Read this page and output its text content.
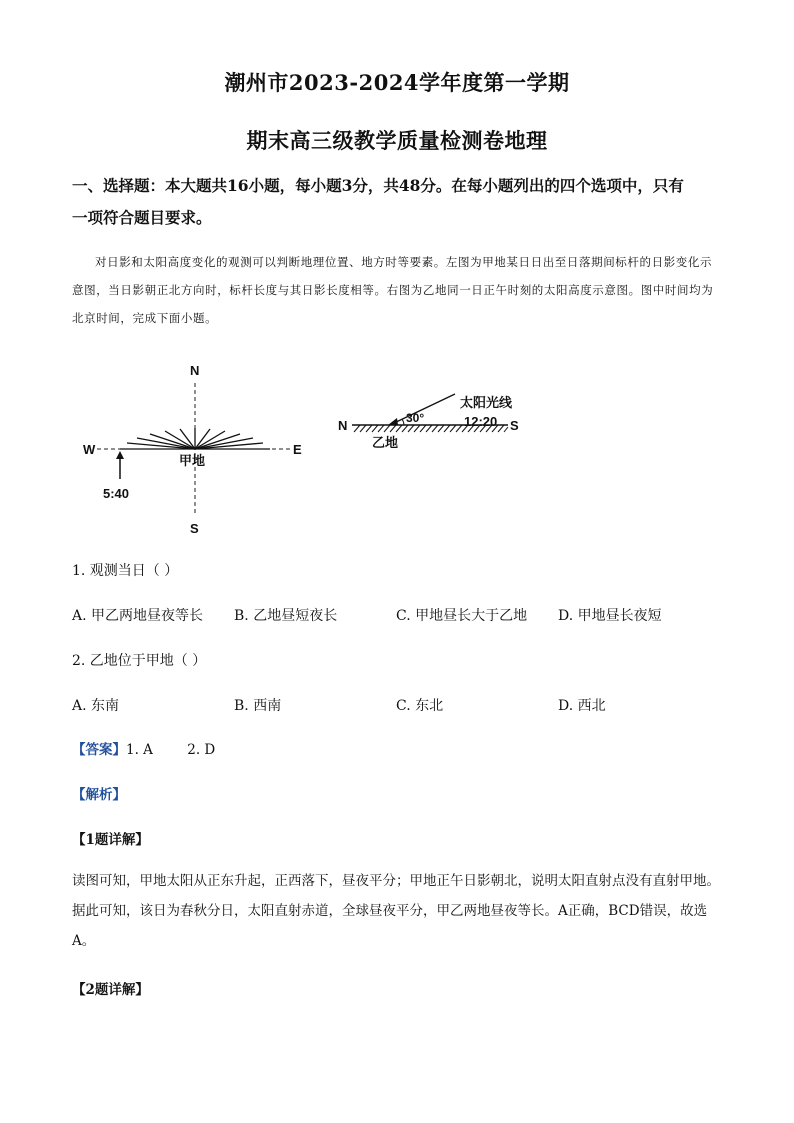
潮州市2023-2024学年度第一学期
期末高三级教学质量检测卷地理
一、选择题：本大题共16小题，每小题3分，共48分。在每小题列出的四个选项中，只有
一项符合题目要求。
对日影和太阳高度变化的观测可以判断地理位置、地方时等要素。左图为甲地某日日出至日落期间标杆的日影变化示意图，当日影朝正北方向时，标杆长度与其日影长度相等。右图为乙地同一日正午时刻的太阳高度示意图。图中时间均为北京时间，完成下面小题。
N
S
W	E
甲地
5:40
N	S
30°
乙地
太阳光线
12:20
1. 观测当日（ ）
A. 甲乙两地昼夜等长 B. 乙地昼短夜长	C. 甲地昼长大于乙地 D. 甲地昼长夜短
2. 乙地位于甲地（ ）
A. 东南	B. 西南	C. 东北	D. 西北
【答案】1. A        2. D
【解析】
【1题详解】
读图可知，甲地太阳从正东升起，正西落下，昼夜平分；甲地正午日影朝北，说明太阳直射点没有直射甲地。据此可知，该日为春秋分日，太阳直射赤道，全球昼夜平分，甲乙两地昼夜等长。A正确，BCD错误，故选A。
【2题详解】
